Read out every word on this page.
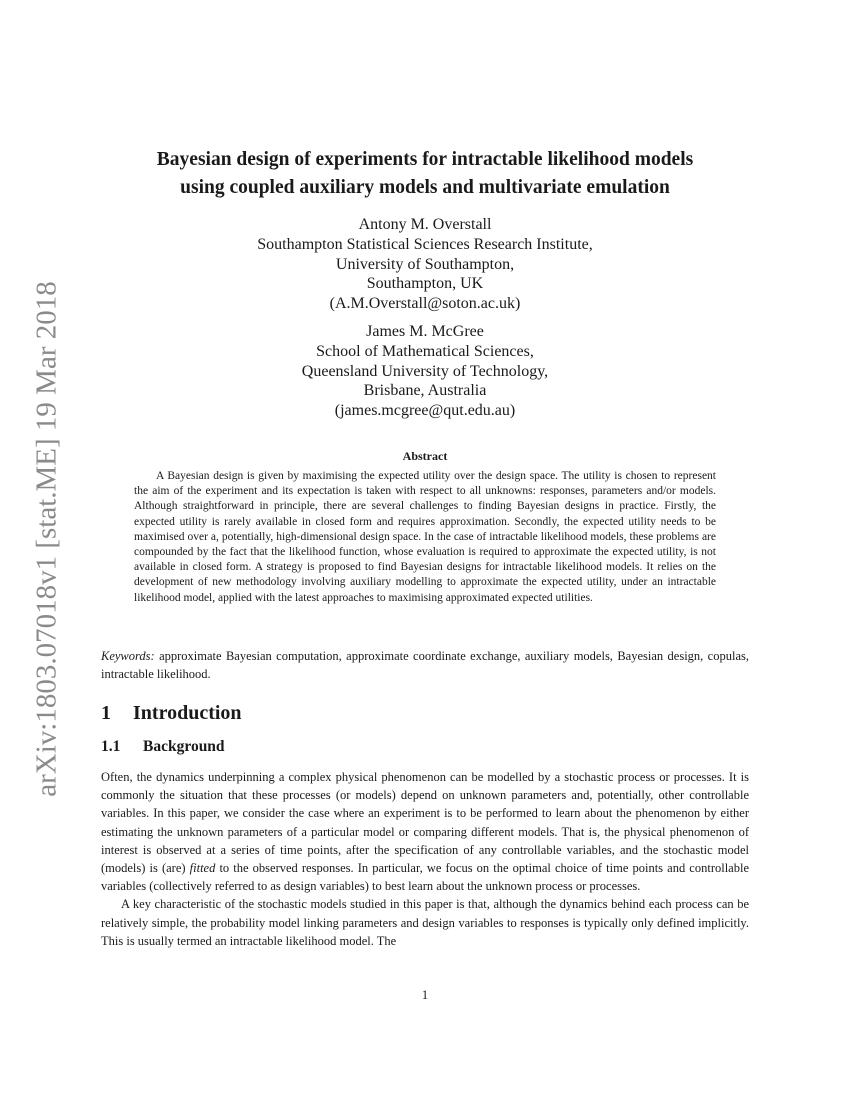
arXiv:1803.07018v1 [stat.ME] 19 Mar 2018
Bayesian design of experiments for intractable likelihood models
using coupled auxiliary models and multivariate emulation
Antony M. Overstall
Southampton Statistical Sciences Research Institute,
University of Southampton,
Southampton, UK
(A.M.Overstall@soton.ac.uk)
James M. McGree
School of Mathematical Sciences,
Queensland University of Technology,
Brisbane, Australia
(james.mcgree@qut.edu.au)
Abstract
A Bayesian design is given by maximising the expected utility over the design space. The utility is chosen to represent the aim of the experiment and its expectation is taken with respect to all unknowns: responses, parameters and/or models. Although straightforward in principle, there are several challenges to finding Bayesian designs in practice. Firstly, the expected utility is rarely available in closed form and requires approximation. Secondly, the expected utility needs to be maximised over a, potentially, high-dimensional design space. In the case of intractable likelihood models, these problems are compounded by the fact that the likelihood function, whose evaluation is required to approximate the expected utility, is not available in closed form. A strategy is proposed to find Bayesian designs for intractable likelihood models. It relies on the development of new methodology involving auxiliary modelling to approximate the expected utility, under an intractable likelihood model, applied with the latest approaches to maximising approximated expected utilities.
Keywords: approximate Bayesian computation, approximate coordinate exchange, auxiliary models, Bayesian design, copulas, intractable likelihood.
1 Introduction
1.1 Background

Often, the dynamics underpinning a complex physical phenomenon can be modelled by a stochastic process or processes. It is commonly the situation that these processes (or models) depend on unknown parameters and, potentially, other controllable variables. In this paper, we consider the case where an experiment is to be performed to learn about the phenomenon by either estimating the unknown parameters of a particular model or comparing different models. That is, the physical phenomenon of interest is observed at a series of time points, after the specification of any controllable variables, and the stochastic model (models) is (are) fitted to the observed responses. In particular, we focus on the optimal choice of time points and controllable variables (collectively referred to as design variables) to best learn about the unknown process or processes.

A key characteristic of the stochastic models studied in this paper is that, although the dynamics behind each process can be relatively simple, the probability model linking parameters and design variables to responses is typically only defined implicitly. This is usually termed an intractable likelihood model. The

1
